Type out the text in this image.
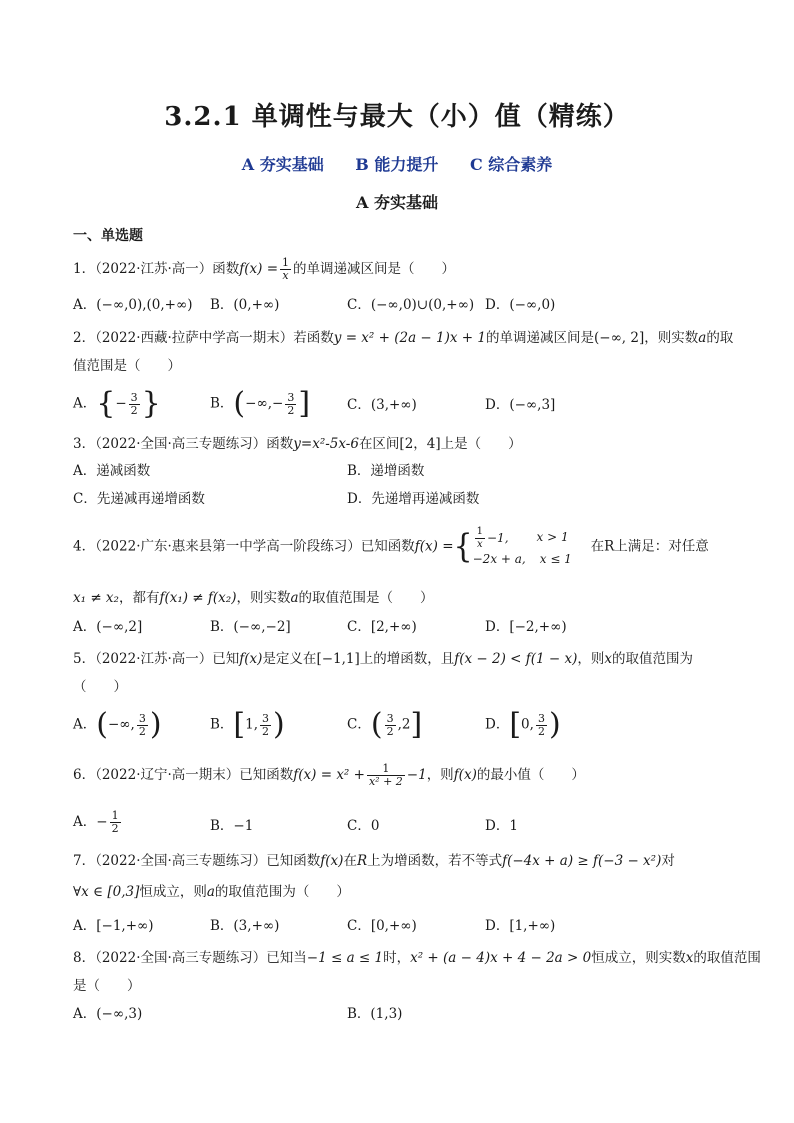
3.2.1 单调性与最大（小）值（精练）
A 夯实基础 B 能力提升 C 综合素养
A 夯实基础
一、单选题
1．（2022·江苏·高一）函数$f(x) = \frac{1}{x}$ 的单调递减区间是（　　）
A．(−∞,0),(0,+∞) B．(0,+∞)	C．(−∞,0)∪(0,+∞) D．(−∞,0)
2．（2022·西藏·拉萨中学高一期末）若函数y = x² + (2a − 1)x + 1的单调递减区间是(−∞, 2]，则实数a的取
值范围是（　　）
A．{− $\frac{3}{2}$ }	B．(−∞,− $\frac{3}{2}$ ]	C．(3,+∞)	D．(−∞,3]
3．（2022·全国·高三专题练习）函数y=x²-5x-6在区间[2，4]上是（　　）
A．递减函数	B．递增函数
C．先递减再递增函数	D．先递增再递减函数
4．（2022·广东·惠来县第一中学高一阶段练习）已知函数f(x) ={ $\frac{1}{x} -1$, x > 1
−2x + a, x ≤ 1
在R上满足：对任意
x₁ ≠ x₂，都有f(x₁) ≠ f(x₂)，则实数a的取值范围是（　　）
A．(−∞,2]	B．(−∞,−2]	C．[2,+∞)	D．[−2,+∞)
5．（2022·江苏·高一）已知f(x)是定义在[−1,1]上的增函数，且f(x − 2) < f(1 − x)，则x的取值范围为
（　　）
A．(−∞, $\frac{3}{2}$ )	B．[1, $\frac{3}{2}$ )	C．( $\frac{3}{2} ,2$]	D．[0, $\frac{3}{2}$ )
6．（2022·辽宁·高一期末）已知函数$f(x) = x^2 + \frac{1}{\text{x² + 2}} -1$，则f(x)的最小值（　　）
A．− $\frac{1}{2}$	B．−1	C．0	D．1
7．（2022·全国·高三专题练习）已知函数f(x)在R上为增函数，若不等式f(−4x + a) ≥ f(−3 − x²)对
∀x ∈ [0,3]恒成立，则a的取值范围为（　　）
A．[−1,+∞)	B．(3,+∞)	C．[0,+∞)	D．[1,+∞)
8．（2022·全国·高三专题练习）已知当−1 ≤ a ≤ 1时，x² + (a − 4)x + 4 − 2a > 0恒成立，则实数x的取值范围
是（　　）
A．(−∞,3)	B．(1,3)
